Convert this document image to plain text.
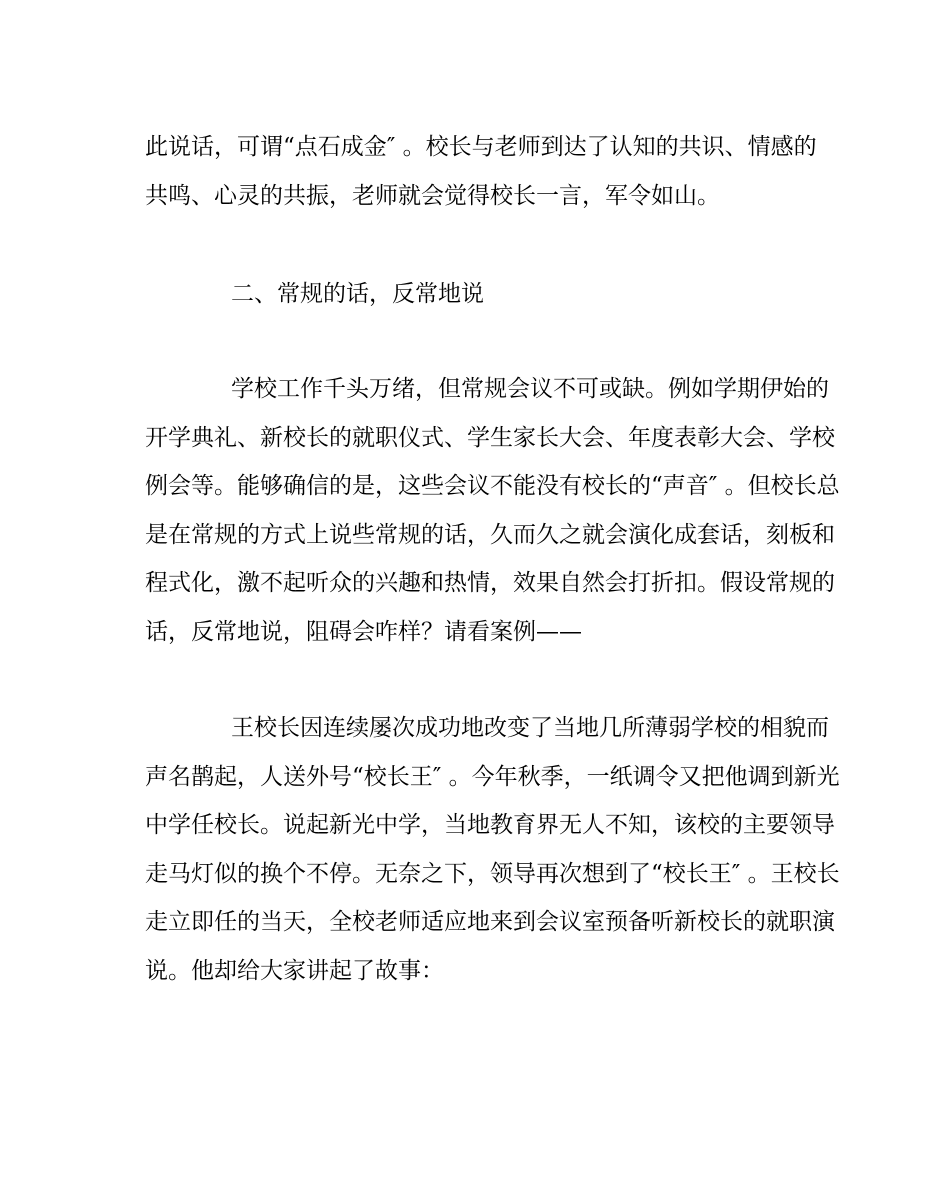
此说话，可谓“点石成金″ 。校长与老师到达了认知的共识、情感的

共鸣、心灵的共振，老师就会觉得校长一言，军令如山。

二、常规的话，反常地说

学校工作千头万绪，但常规会议不可或缺。例如学期伊始的

开学典礼、新校长的就职仪式、学生家长大会、年度表彰大会、学校

例会等。能够确信的是，这些会议不能没有校长的“声音″ 。但校长总

是在常规的方式上说些常规的话，久而久之就会演化成套话，刻板和

程式化，激不起听众的兴趣和热情，效果自然会打折扣。假设常规的

话，反常地说，阻碍会咋样？请看案例——

王校长因连续屡次成功地改变了当地几所薄弱学校的相貌而

声名鹊起，人送外号“校长王″ 。今年秋季，一纸调令又把他调到新光

中学任校长。说起新光中学，当地教育界无人不知，该校的主要领导

走马灯似的换个不停。无奈之下，领导再次想到了“校长王″ 。王校长

走立即任的当天，全校老师适应地来到会议室预备听新校长的就职演

说。他却给大家讲起了故事：
